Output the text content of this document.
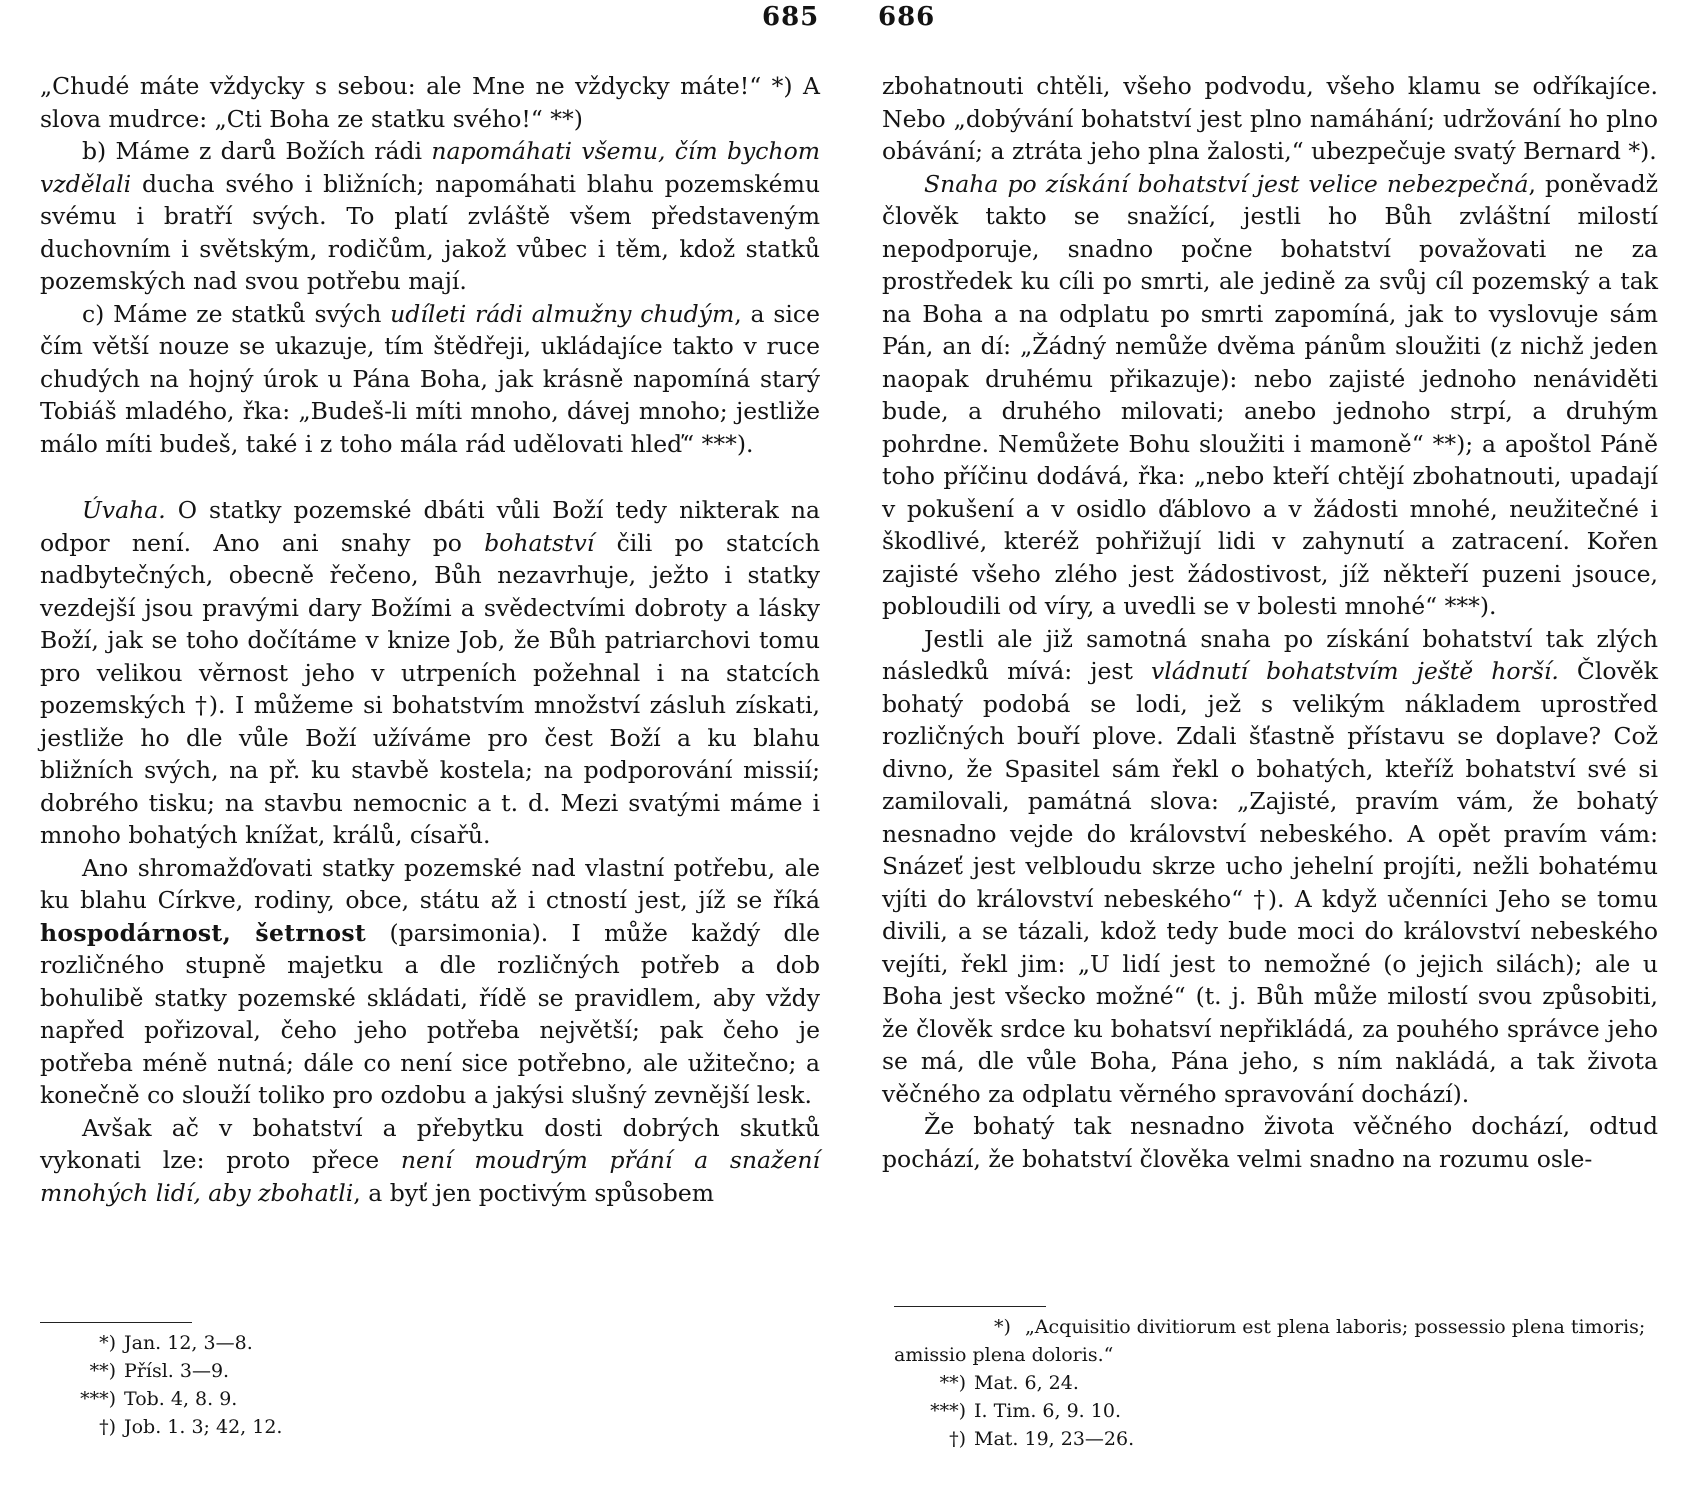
685 686

„Chudé máte vždycky s sebou: ale Mne ne vždycky máte!“ *) A slova mudrce: „Cti Boha ze statku svého!“ **)

b) Máme z darů Božích rádi napomáhati všemu, čím bychom vzdělali ducha svého i bližních; napomáhati blahu pozemskému svému i bratří svých. To platí zvláště všem představeným duchovním i světským, rodičům, jakož vůbec i těm, kdož statků pozemských nad svou potřebu mají.

c) Máme ze statků svých udíleti rádi almužny chudým, a sice čím větší nouze se ukazuje, tím štědřeji, ukládajíce takto v ruce chudých na hojný úrok u Pána Boha, jak krásně napomíná starý Tobiáš mladého, řka: „Budeš-li míti mnoho, dávej mnoho; jestliže málo míti budeš, také i z toho mála rád udělovati hleď“ ***).

Úvaha. O statky pozemské dbáti vůli Boží tedy nikterak na odpor není. Ano ani snahy po bohatství čili po statcích nadbytečných, obecně řečeno, Bůh nezavrhuje, ježto i statky vezdejší jsou pravými dary Božími a svědectvími dobroty a lásky Boží, jak se toho dočítáme v knize Job, že Bůh patriarchovi tomu pro velikou věrnost jeho v utrpeních požehnal i na statcích pozemských †). I můžeme si bohatstvím množství zásluh získati, jestliže ho dle vůle Boží užíváme pro čest Boží a ku blahu bližních svých, na př. ku stavbě kostela; na podporování missií; dobrého tisku; na stavbu nemocnic a t. d. Mezi svatými máme i mnoho bohatých knížat, králů, císařů.

Ano shromažďovati statky pozemské nad vlastní potřebu, ale ku blahu Církve, rodiny, obce, státu až i ctností jest, jíž se říká hospodárnost, šetrnost (parsimonia). I může každý dle rozličného stupně majetku a dle rozličných potřeb a dob bohulibě statky pozemské skládati, řídě se pravidlem, aby vždy napřed pořizoval, čeho jeho potřeba největší; pak čeho je potřeba méně nutná; dále co není sice potřebno, ale užitečno; a konečně co slouží toliko pro ozdobu a jakýsi slušný zevnější lesk.

Avšak ač v bohatství a přebytku dosti dobrých skutků vykonati lze: proto přece není moudrým přání a snažení mnohých lidí, aby zbohatli, a byť jen poctivým spůsobem

*) Jan. 12, 3—8.
**) Přísl. 3—9.
***) Tob. 4, 8. 9.
†) Job. 1. 3; 42, 12.

zbohatnouti chtěli, všeho podvodu, všeho klamu se odříkajíce. Nebo „dobývání bohatství jest plno namáhání; udržování ho plno obávání; a ztráta jeho plna žalosti,“ ubezpečuje svatý Bernard *).

Snaha po získání bohatství jest velice nebezpečná, poněvadž člověk takto se snažící, jestli ho Bůh zvláštní milostí nepodporuje, snadno počne bohatství považovati ne za prostředek ku cíli po smrti, ale jedině za svůj cíl pozemský a tak na Boha a na odplatu po smrti zapomíná, jak to vyslovuje sám Pán, an dí: „Žádný nemůže dvěma pánům sloužiti (z nichž jeden naopak druhému přikazuje): nebo zajisté jednoho nenáviděti bude, a druhého milovati; anebo jednoho strpí, a druhým pohrdne. Nemůžete Bohu sloužiti i mamoně“ **); a apoštol Páně toho příčinu dodává, řka: „nebo kteří chtějí zbohatnouti, upadají v pokušení a v osidlo ďáblovo a v žádosti mnohé, neužitečné i škodlivé, kteréž pohřižují lidi v zahynutí a zatracení. Kořen zajisté všeho zlého jest žádostivost, jíž někteří puzeni jsouce, pobloudili od víry, a uvedli se v bolesti mnohé“ ***).

Jestli ale již samotná snaha po získání bohatství tak zlých následků mívá: jest vládnutí bohatstvím ještě horší. Člověk bohatý podobá se lodi, jež s velikým nákladem uprostřed rozličných bouří plove. Zdali šťastně přístavu se doplave? Což divno, že Spasitel sám řekl o bohatých, kteříž bohatství své si zamilovali, památná slova: „Zajisté, pravím vám, že bohatý nesnadno vejde do království nebeského. A opět pravím vám: Snázeť jest velbloudu skrze ucho jehelní projíti, nežli bohatému vjíti do království nebeského“ †). A když učenníci Jeho se tomu divili, a se tázali, kdož tedy bude moci do království nebeského vejíti, řekl jim: „U lidí jest to nemožné (o jejich silách); ale u Boha jest všecko možné“ (t. j. Bůh může milostí svou způsobiti, že člověk srdce ku bohatsví nepřikládá, za pouhého správce jeho se má, dle vůle Boha, Pána jeho, s ním nakládá, a tak života věčného za odplatu věrného spravování dochází).

Že bohatý tak nesnadno života věčného dochází, odtud pochází, že bohatství člověka velmi snadno na rozumu osle-

*) „Acquisitio divitiorum est plena laboris; possessio plena timoris; amissio plena doloris.“
**) Mat. 6, 24.
***) I. Tim. 6, 9. 10.
†) Mat. 19, 23—26.
